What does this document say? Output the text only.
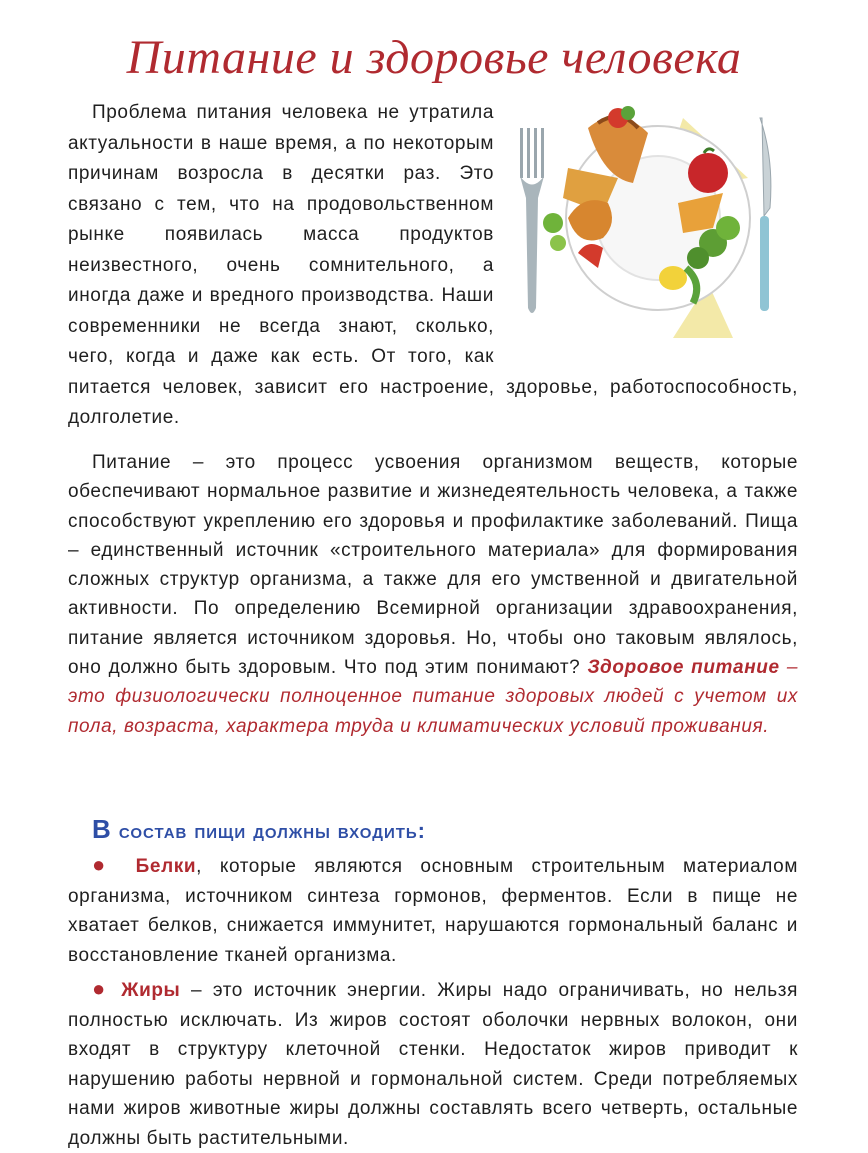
Питание и здоровье человека

Проблема питания человека не утратила актуальности в наше время, а по некоторым причинам возросла в десятки раз. Это связано с тем, что на продовольственном рынке появилась масса продуктов неизвестного, очень сомнительного, а иногда даже и вредного производства. Наши современники не всегда знают, сколько, чего, когда и даже как есть. От того, как питается человек, зависит его настроение, здоровье, работоспособность, долголетие.

Питание – это процесс усвоения организмом веществ, которые обеспечивают нормальное развитие и жизнедеятельность человека, а также способствуют укреплению его здоровья и профилактике заболеваний. Пища – единственный источник «строительного материала» для формирования сложных структур организма, а также для его умственной и двигательной активности. По определению Всемирной организации здравоохранения, питание является источником здоровья. Но, чтобы оно таковым являлось, оно должно быть здоровым. Что под этим понимают? Здоровое питание – это физиологически полноценное питание здоровых людей с учетом их пола, возраста, характера труда и климатических условий проживания.

В состав пищи должны входить:

● Белки, которые являются основным строительным материалом организма, источником синтеза гормонов, ферментов. Если в пище не хватает белков, снижается иммунитет, нарушаются гормональный баланс и восстановление тканей организма.

● Жиры – это источник энергии. Жиры надо ограничивать, но нельзя полностью исключать. Из жиров состоят оболочки нервных волокон, они входят в структуру клеточной стенки. Недостаток жиров приводит к нарушению работы нервной и гормональной систем. Среди потребляемых нами жиров животные жиры должны составлять всего четверть, остальные должны быть растительными.
